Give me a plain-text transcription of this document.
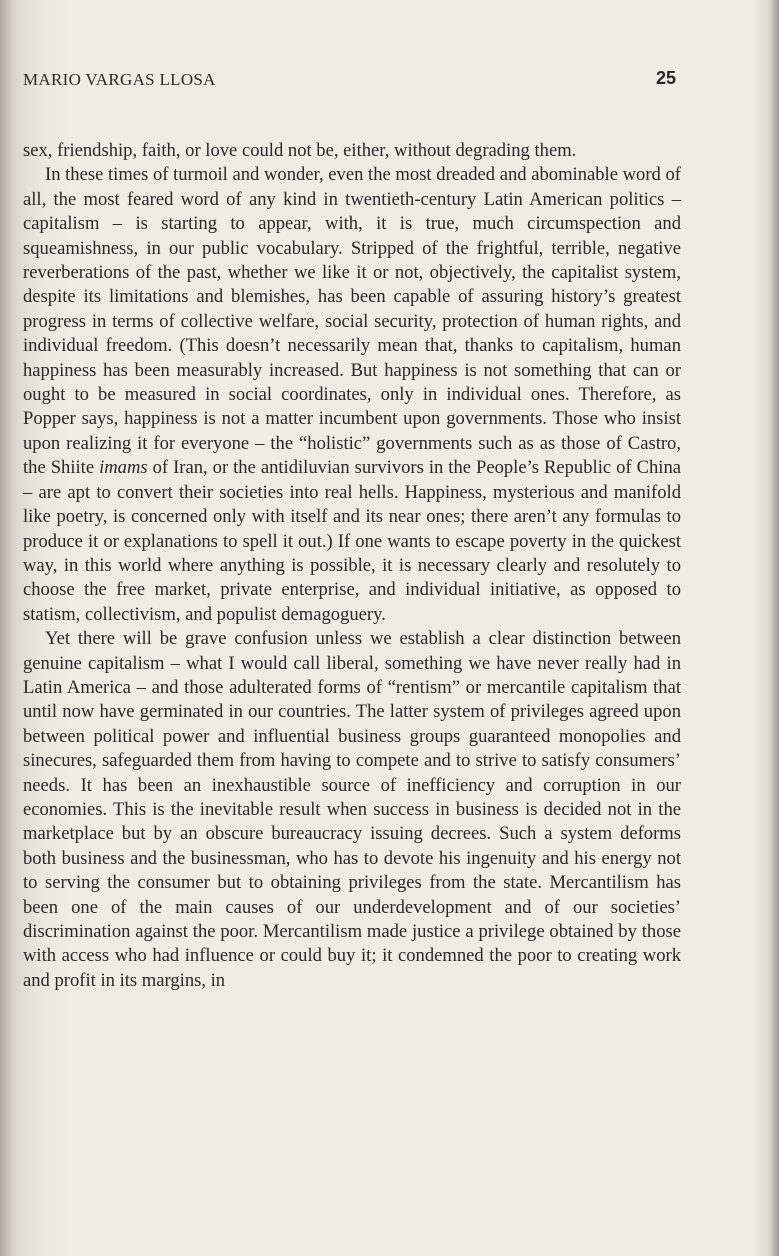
MARIO VARGAS LLOSA	25

sex, friendship, faith, or love could not be, either, without degrading them.

In these times of turmoil and wonder, even the most dreaded and abominable word of all, the most feared word of any kind in twentieth-century Latin American politics – capitalism – is starting to appear, with, it is true, much circumspection and squeamishness, in our public vocabulary. Stripped of the frightful, terrible, negative reverberations of the past, whether we like it or not, objectively, the capitalist system, despite its limitations and blemishes, has been capable of assuring history’s greatest progress in terms of collective welfare, social security, protection of human rights, and individual freedom. (This doesn’t necessarily mean that, thanks to capitalism, human happiness has been measurably increased. But happiness is not something that can or ought to be measured in social coordinates, only in individual ones. Therefore, as Popper says, happiness is not a matter incumbent upon governments. Those who insist upon realizing it for everyone – the “holistic” governments such as as those of Castro, the Shiite imams of Iran, or the antidiluvian survivors in the People’s Republic of China – are apt to convert their societies into real hells. Happiness, mysterious and manifold like poetry, is concerned only with itself and its near ones; there aren’t any formulas to produce it or explanations to spell it out.) If one wants to escape poverty in the quickest way, in this world where anything is possible, it is necessary clearly and resolutely to choose the free market, private enterprise, and individual initiative, as opposed to statism, collectivism, and populist demagoguery.

Yet there will be grave confusion unless we establish a clear distinction between genuine capitalism – what I would call liberal, something we have never really had in Latin America – and those adulterated forms of “rentism” or mercantile capitalism that until now have germinated in our countries. The latter system of privileges agreed upon between political power and influential business groups guaranteed monopolies and sinecures, safeguarded them from having to compete and to strive to satisfy consumers’ needs. It has been an inexhaustible source of inefficiency and corruption in our economies. This is the inevitable result when success in business is decided not in the marketplace but by an obscure bureaucracy issuing decrees. Such a system deforms both business and the businessman, who has to devote his ingenuity and his energy not to serving the consumer but to obtaining privileges from the state. Mercantilism has been one of the main causes of our underdevelopment and of our societies’ discrimination against the poor. Mercantilism made justice a privilege obtained by those with access who had influence or could buy it; it condemned the poor to creating work and profit in its margins, in
